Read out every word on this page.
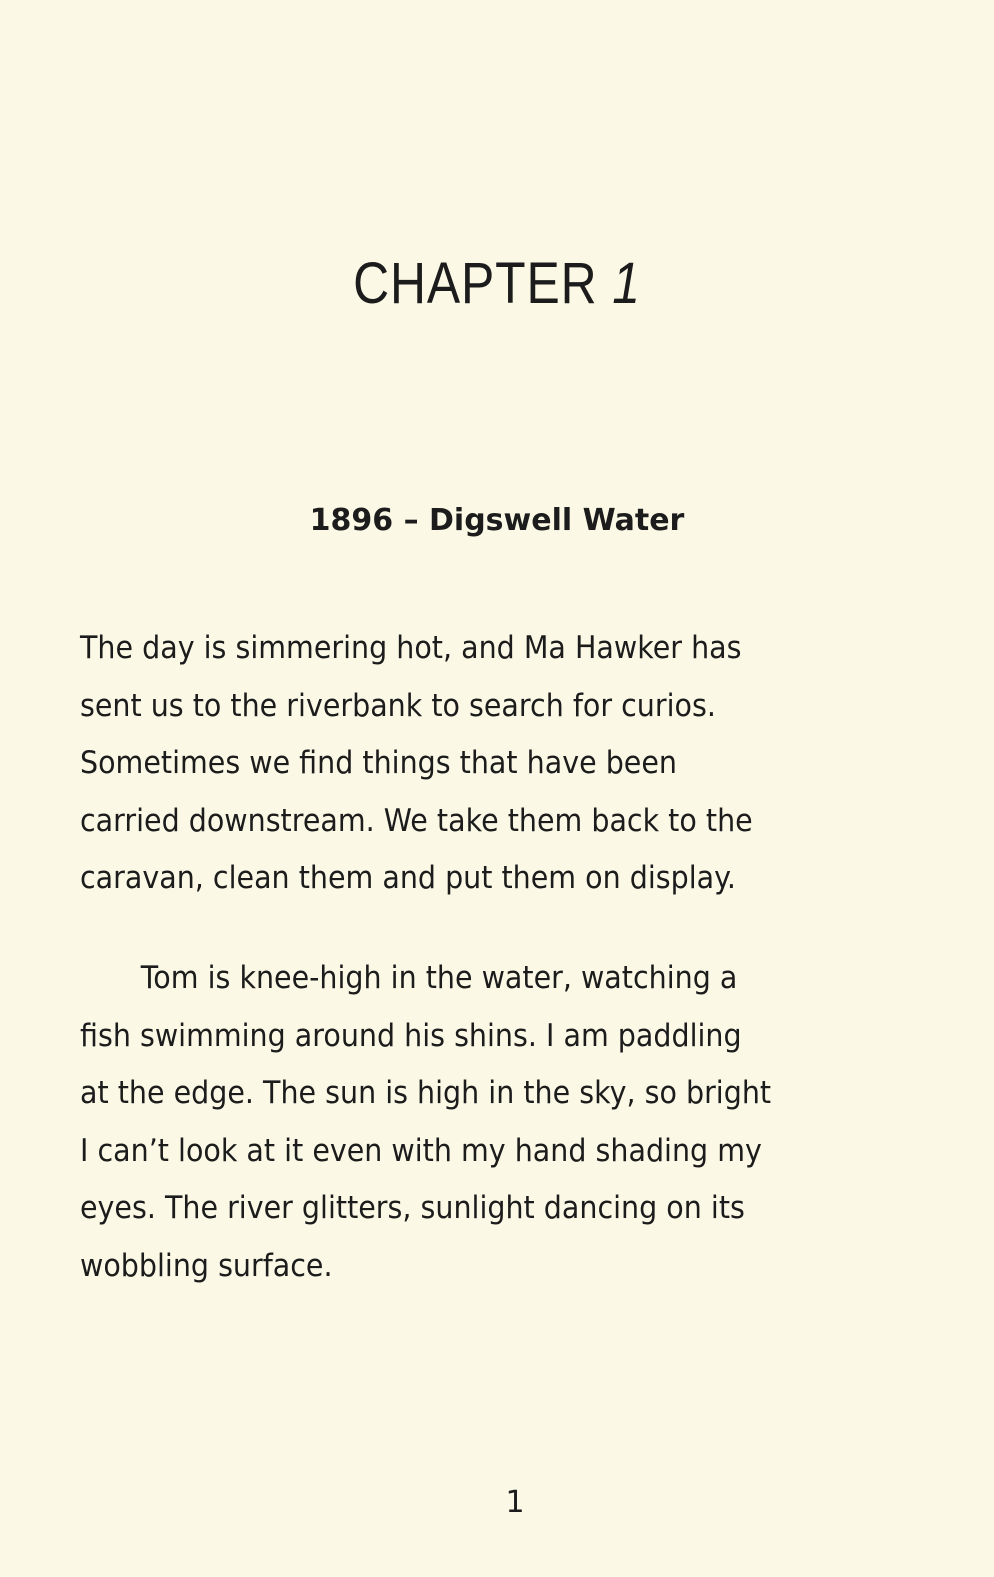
CHAPTER 1
1896 – Digswell Water

The day is simmering hot, and Ma Hawker has
sent us to the riverbank to search for curios.
Sometimes we find things that have been
carried downstream. We take them back to the
caravan, clean them and put them on display.

Tom is knee-high in the water, watching a
fish swimming around his shins. I am paddling
at the edge. The sun is high in the sky, so bright
I can’t look at it even with my hand shading my
eyes. The river glitters, sunlight dancing on its
wobbling surface.

1
